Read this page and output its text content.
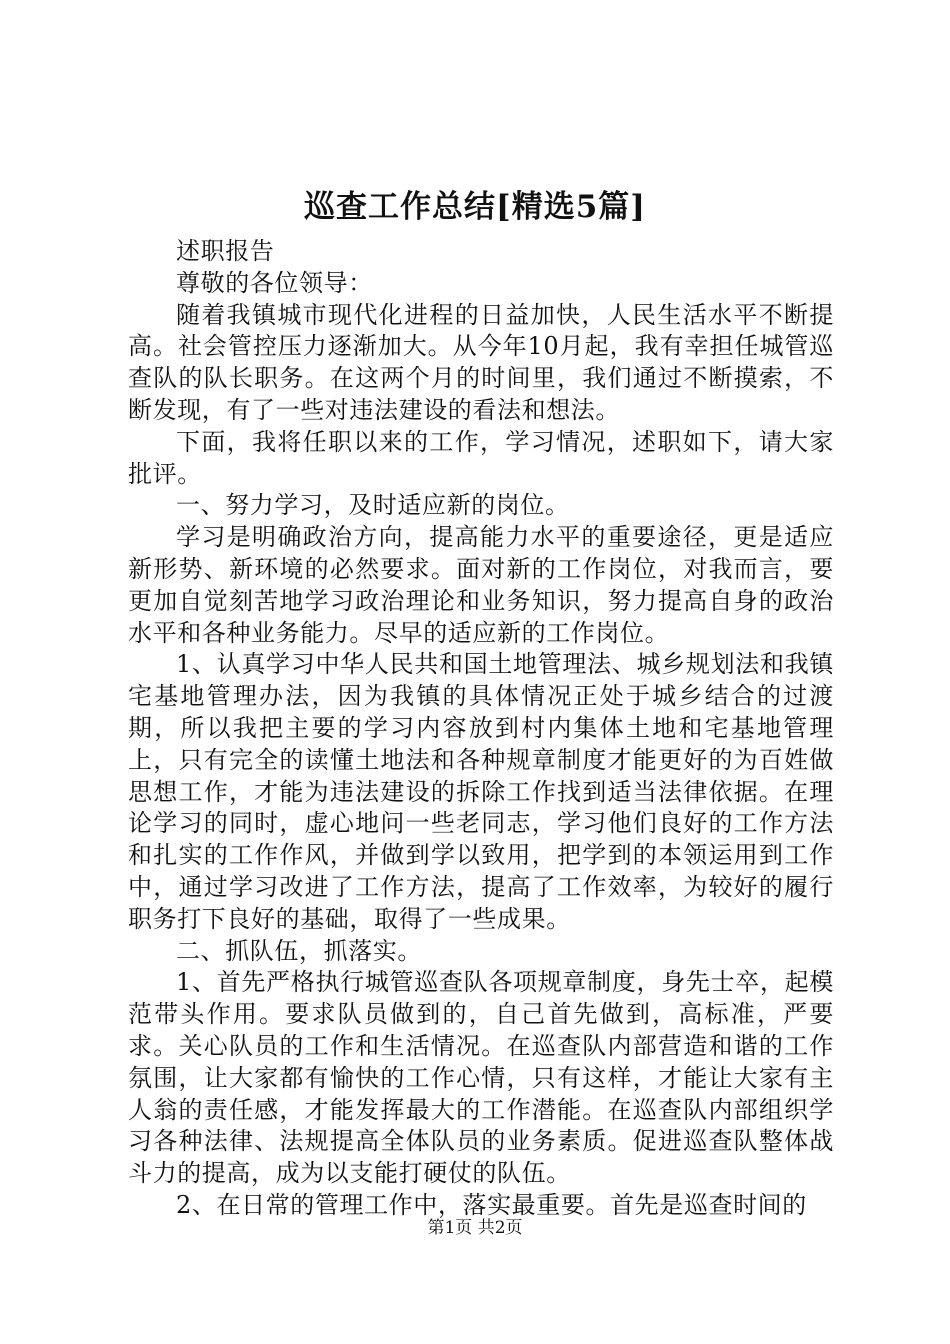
巡查工作总结[精选5篇]

述职报告

尊敬的各位领导：

随着我镇城市现代化进程的日益加快，人民生活水平不断提高。社会管控压力逐渐加大。从今年10月起，我有幸担任城管巡查队的队长职务。在这两个月的时间里，我们通过不断摸索，不断发现，有了一些对违法建设的看法和想法。

下面，我将任职以来的工作，学习情况，述职如下，请大家批评。

一、努力学习，及时适应新的岗位。

学习是明确政治方向，提高能力水平的重要途径，更是适应新形势、新环境的必然要求。面对新的工作岗位，对我而言，要更加自觉刻苦地学习政治理论和业务知识，努力提高自身的政治水平和各种业务能力。尽早的适应新的工作岗位。

1、认真学习中华人民共和国土地管理法、城乡规划法和我镇宅基地管理办法，因为我镇的具体情况正处于城乡结合的过渡期，所以我把主要的学习内容放到村内集体土地和宅基地管理上，只有完全的读懂土地法和各种规章制度才能更好的为百姓做思想工作，才能为违法建设的拆除工作找到适当法律依据。在理论学习的同时，虚心地问一些老同志，学习他们良好的工作方法和扎实的工作作风，并做到学以致用，把学到的本领运用到工作中，通过学习改进了工作方法，提高了工作效率，为较好的履行职务打下良好的基础，取得了一些成果。

二、抓队伍，抓落实。

1、首先严格执行城管巡查队各项规章制度，身先士卒，起模范带头作用。要求队员做到的，自己首先做到，高标准，严要求。关心队员的工作和生活情况。在巡查队内部营造和谐的工作氛围，让大家都有愉快的工作心情，只有这样，才能让大家有主人翁的责任感，才能发挥最大的工作潜能。在巡查队内部组织学习各种法律、法规提高全体队员的业务素质。促进巡查队整体战斗力的提高，成为以支能打硬仗的队伍。

2、在日常的管理工作中，落实最重要。首先是巡查时间的

第1页 共2页
